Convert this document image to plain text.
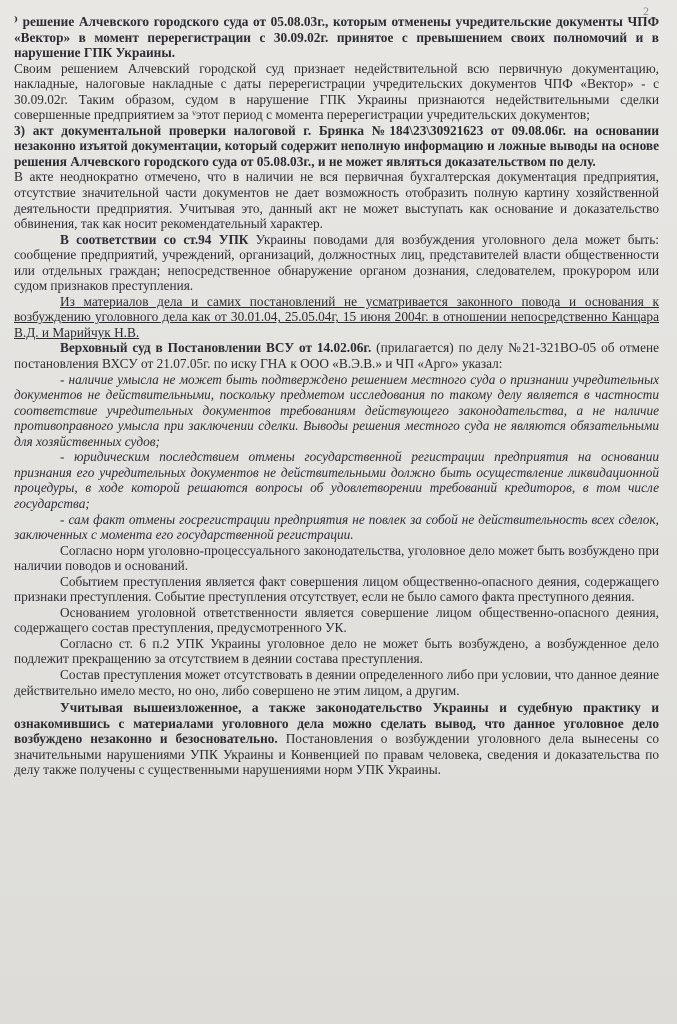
2

⁾ решение Алчевского городского суда от 05.08.03г., которым отменены учредительские документы ЧПФ «Вектор» в момент перерегистрации с 30.09.02г. принятое с превышением своих полномочий и в нарушение ГПК Украины.

Своим решением Алчевский городской суд признает недействительной всю первичную документацию, накладные, налоговые накладные с даты перерегистрации учредительских документов ЧПФ «Вектор» - с 30.09.02г. Таким образом, судом в нарушение ГПК Украины признаются недействительными сделки совершенные предприятием за ᵛэтот период с момента перерегистрации учредительских документов;

3) акт документальной проверки налоговой г. Брянка №184\23\30921623 от 09.08.06г. на основании незаконно изъятой документации, который содержит неполную информацию и ложные выводы на основе решения Алчевского городского суда от 05.08.03г., и не может являться доказательством по делу.

В акте неоднократно отмечено, что в наличии не вся первичная бухгалтерская документация предприятия, отсутствие значительной части документов не дает возможность отобразить полную картину хозяйственной деятельности предприятия. Учитывая это, данный акт не может выступать как основание и доказательство обвинения, так как носит рекомендательный характер.

В соответствии со ст.94 УПК Украины поводами для возбуждения уголовного дела может быть: сообщение предприятий, учреждений, организаций, должностных лиц, представителей власти общественности или отдельных граждан; непосредственное обнаружение органом дознания, следователем, прокурором или судом признаков преступления.

Из материалов дела и самих постановлений не усматривается законного повода и основания к возбуждению уголовного дела как от 30.01.04, 25.05.04г, 15 июня 2004г. в отношении непосредственно Канцара В.Д. и Марийчук Н.В.

Верховный суд в Постановлении ВСУ от 14.02.06г. (прилагается) по делу №21-321ВО-05 об отмене постановления ВХСУ от 21.07.05г. по иску ГНА к ООО «В.Э.В.» и ЧП «Арго» указал:

- наличие умысла не может быть подтверждено решением местного суда о признании учредительных документов не действительными, поскольку предметом исследования по такому делу является в частности соответствие учредительных документов требованиям действующего законодательства, а не наличие противоправного умысла при заключении сделки. Выводы решения местного суда не являются обязательными для хозяйственных судов;

- юридическим последствием отмены государственной регистрации предприятия на основании признания его учредительных документов не действительными должно быть осуществление ликвидационной процедуры, в ходе которой решаются вопросы об удовлетворении требований кредиторов, в том числе государства;

- сам факт отмены госрегистрации предприятия не повлек за собой не действительность всех сделок, заключенных с момента его государственной регистрации.

Согласно норм уголовно-процессуального законодательства, уголовное дело может быть возбуждено при наличии поводов и оснований.

Событием преступления является факт совершения лицом общественно-опасного деяния, содержащего признаки преступления. Событие преступления отсутствует, если не было самого факта преступного деяния.

Основанием уголовной ответственности является совершение лицом общественно-опасного деяния, содержащего состав преступления, предусмотренного УК.

Согласно ст. 6 п.2 УПК Украины уголовное дело не может быть возбуждено, а возбужденное дело подлежит прекращению за отсутствием в деянии состава преступления.

Состав преступления может отсутствовать в деянии определенного либо при условии, что данное деяние действительно имело место, но оно, либо совершено не этим лицом, а другим.

Учитывая вышеизложенное, а также законодательство Украины и судебную практику и ознакомившись с материалами уголовного дела можно сделать вывод, что данное уголовное дело возбуждено незаконно и безосновательно. Постановления о возбуждении уголовного дела вынесены со значительными нарушениями УПК Украины и Конвенцией по правам человека, сведения и доказательства по делу также получены с существенными нарушениями норм УПК Украины.
